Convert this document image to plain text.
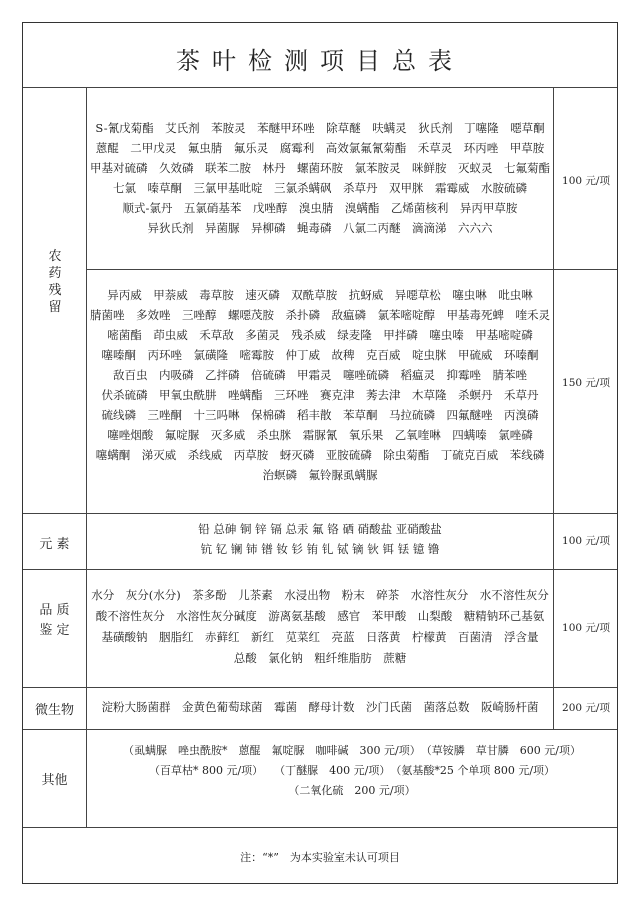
茶叶检测项目总表
农药残留
元 素
品 质
鉴 定
微生物
其他
S-氰戊菊酯　艾氏剂　苯胺灵　苯醚甲环唑　除草醚　呋螨灵　狄氏剂　丁噻隆　噁草酮
蒽醌　二甲戊灵　氟虫腈　氟乐灵　腐霉利　高效氯氟氰菊酯　禾草灵　环丙唑　甲草胺
甲基对硫磷　久效磷　联苯二胺　林丹　螺菌环胺　氯苯胺灵　咪鲜胺　灭蚁灵　七氟菊酯
七氯　嗪草酮　三氯甲基吡啶　三氯杀螨砜　杀草丹　双甲脒　霜霉威　水胺硫磷
顺式-氯丹　五氯硝基苯　戊唑醇　溴虫腈　溴螨酯　乙烯菌核利　异丙甲草胺
异狄氏剂　异菌脲　异柳磷　蝇毒磷　八氯二丙醚　滴滴涕　六六六
100 元/项
异丙威　甲萘威　毒草胺　速灭磷　双酰草胺　抗蚜威　异噁草松　噻虫啉　吡虫啉
腈菌唑　多效唑　三唑醇　螺噁茂胺　杀扑磷　敌瘟磷　氯苯嘧啶醇　甲基毒死蜱　喹禾灵
嘧菌酯　茚虫威　禾草敌　多菌灵　残杀威　绿麦隆　甲拌磷　噻虫嗪　甲基嘧啶磷
噻嗪酮　丙环唑　氯磺隆　嘧霉胺　仲丁威　故稗　克百威　啶虫脒　甲硫威　环嗪酮
敌百虫　内吸磷　乙拌磷　倍硫磷　甲霜灵　噻唑硫磷　稻瘟灵　抑霉唑　腈苯唑
伏杀硫磷　甲氧虫酰肼　唑螨酯　三环唑　赛克津　莠去津　木草隆　杀螟丹　禾草丹
硫线磷　三唑酮　十三吗啉　保棉磷　稻丰散　苯草酮　马拉硫磷　四氟醚唑　丙溴磷
噻唑烟酸　氟啶脲　灭多威　杀虫脒　霜脲氰　氧乐果　乙氧喹啉　四螨嗪　氯唑磷
噻螨酮　涕灭威　杀线威　丙草胺　蚜灭磷　亚胺硫磷　除虫菊酯　丁硫克百威　苯线磷
治螟磷　氟铃脲虱螨脲
150 元/项
铅 总砷 铜 锌 镉 总汞 氟 铬 硒 硝酸盐 亚硝酸盐
钪 钇 镧 铈 镨 钕 钐 铕 钆 铽 镝 钬 铒 铥 镱 镥
100 元/项
水分　灰分(水分)　茶多酚　儿茶素　水浸出物　粉末　碎茶　水溶性灰分　水不溶性灰分
酸不溶性灰分　水溶性灰分碱度　游离氨基酸　感官　苯甲酸　山梨酸　糖精钠环己基氨
基磺酸钠　胭脂红　赤藓红　新红　苋菜红　亮蓝　日落黄　柠檬黄　百菌清　浮含量
总酸　氯化钠　粗纤维脂肪　蔗糖
100 元/项
淀粉大肠菌群　金黄色葡萄球菌　霉菌　酵母计数　沙门氏菌　菌落总数　阪崎肠杆菌	200 元/项
（虱螨脲　唑虫酰胺*　蒽醌　氟啶脲　咖啡碱　300 元/项）　（草铵膦　草甘膦　600 元/项）
（百草枯* 800 元/项）　　（丁醚脲　400 元/项）　（氨基酸*25 个单项 800 元/项）
（二氧化硫　200 元/项）
注：“*”　为本实验室未认可项目
